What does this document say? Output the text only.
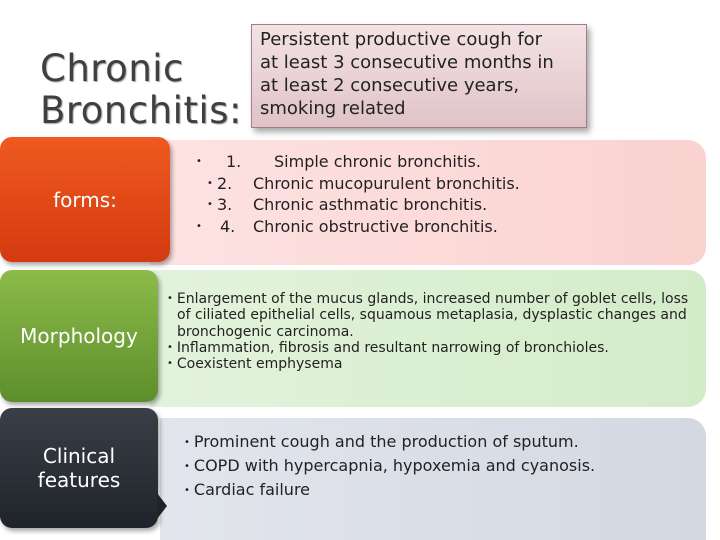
Chronic
Bronchitis:
Persistent productive cough for
at least 3 consecutive months in
at least 2 consecutive years,
smoking related
forms:
Morphology
Clinical
features
• 1. Simple chronic bronchitis.
• 2. Chronic mucopurulent bronchitis.
• 3. Chronic asthmatic bronchitis.
• 4. Chronic obstructive bronchitis.

• Enlargement of the mucus glands, increased number of goblet cells, loss of ciliated epithelial cells, squamous metaplasia, dysplastic changes and bronchogenic carcinoma.

• Inflammation, fibrosis and resultant narrowing of bronchioles.

• Coexistent emphysema

• Prominent cough and the production of sputum.

• COPD with hypercapnia, hypoxemia and cyanosis.

• Cardiac failure
